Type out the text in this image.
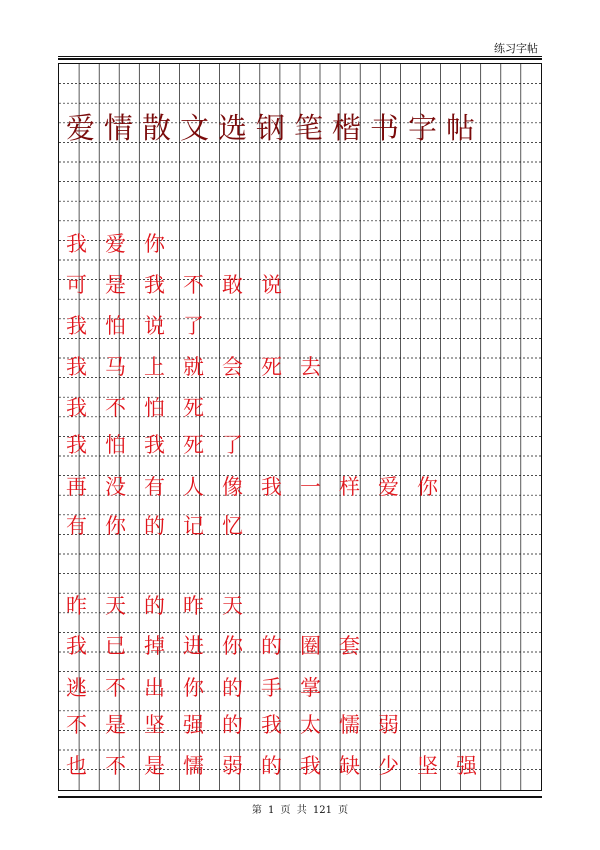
练习字帖
爱情散文选钢笔楷书字帖
我爱你
可是我不敢说
我怕说了
我马上就会死去
我不怕死
我怕我死了
再没有人像我一样爱你
有你的记忆
昨天的昨天
我已掉进你的圈套
逃不出你的手掌
不是坚强的我太懦弱
也不是懦弱的我缺少坚强
第 1 页 共 121 页
